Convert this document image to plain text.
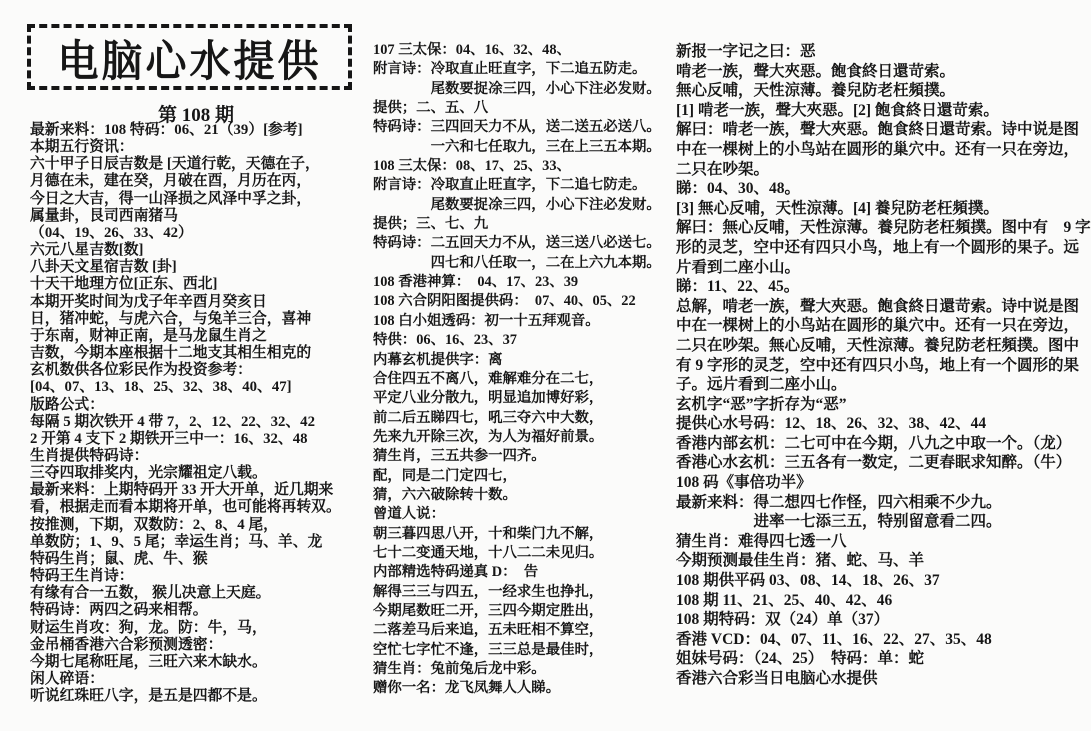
电脑心水提供
第 108 期
最新来料：108 特码：06、21（39）[参考]
本期五行资讯：
六十甲子日辰吉数是 [天道行乾，天德在子，
月德在未，建在癸，月破在酉，月历在丙，
今日之大吉，得一山泽损之风泽中孚之卦，
属量卦，艮司西南猪马
（04、19、26、33、42）
六元八星吉数[数]
八卦天文星宿吉数 [卦]
十天干地理方位[正东、西北]
本期开奖时间为戊子年辛酉月癸亥日
日，猪冲蛇，与虎六合，与兔羊三合，喜神
于东南，财神正南，是马龙鼠生肖之
吉数，今期本座根据十二地支其相生相克的
玄机数供各位彩民作为投资参考：
[04、07、13、18、25、32、38、40、47]
版路公式：
每隔 5 期次铁开 4 带 7，2、12、22、32、42
2 开第 4 支下 2 期铁开三中一：16、32、48
生肖提供特码诗：
三夺四取排奖内，光宗耀祖定八载。
最新来料：上期特码开 33 开大开单，近几期来
看，根据走而看本期将开单，也可能将再转双。
按推测，下期，双数防：2、8、4 尾，
单数防；1、9、5 尾；幸运生肖；马、羊、龙
特码生肖；鼠、虎、牛、猴
特码王生肖诗：
有缘有合一五数， 猴儿决意上天庭。
特码诗：两四之码来相帮。
财运生肖攻：狗，龙。防：牛，马，
金吊桶香港六合彩预测透密：
今期七尾称旺尾，三旺六来木缺水。
闲人碎语：
听说红珠旺八字，是五是四都不是。
107 三太保：04、16、32、48、
附言诗：冷取直止旺直字，下二追五防走。
　　　　尾数要捉凃三四，小心下注必发财。
提供；二、五、八
特码诗：三四回天力不从，送二送五必送八。
　　　　一六和七任取九，三在上三五本期。
108 三太保：08、17、25、33、
附言诗：冷取直止旺直字，下二追七防走。
　　　　尾数要捉凃三四，小心下注必发财。
提供；三、七、九
特码诗：二五回天力不从，送三送八必送七。
　　　　四七和八任取一，二在上六九本期。
108 香港神算：　04、17、23、39
108 六合阴阳图提供码：　07、40、05、22
108 白小姐透码：初一十五拜观音。
特供：06、16、23、37
内幕玄机提供字：离
合住四五不离八，难解难分在二七，
平定八业分散九，明显追加博好彩，
前二后五睇四七，吼三夺六中大数，
先来九开除三次，为人为福好前景。
猜生肖，三五共参一四齐。
配，同是二门定四七，
猜，六六破除转十数。
曾道人说：
朝三暮四思八开，十和柴门九不解，
七十二变通天地，十八二二未见归。
内部精选特码递真 D：　告
解得三三与四五，一经求生也挣扎，
今期尾数旺二开，三四今期定胜出，
二落差马后来追，五未旺相不算空，
空忙七字忙不逢，三三总是最佳时，
猜生肖：兔前兔后龙中彩。
赠你一名：龙飞凤舞人人睇。
新报一字记之曰：恶
啃老一族，聲大夾惡。飽食終日還苛索。
無心反哺，天性涼薄。養兒防老枉頻撲。
[1] 啃老一族，聲大夾惡。[2] 飽食終日還苛索。
解曰：啃老一族，聲大夾惡。飽食終日還苛索。诗中说是图
中在一棵树上的小鸟站在圆形的巢穴中。还有一只在旁边，
二只在吵架。
睇：04、30、48。
[3] 無心反哺，天性涼薄。[4] 養兒防老枉頻撲。
解曰：無心反哺，天性涼薄。養兒防老枉頻撲。图中有　9 字
形的灵芝，空中还有四只小鸟，地上有一个圆形的果子。远
片看到二座小山。
睇：11、22、45。
总解，啃老一族，聲大夾惡。飽食終日還苛索。诗中说是图
中在一棵树上的小鸟站在圆形的巢穴中。还有一只在旁边，
二只在吵架。無心反哺，天性涼薄。養兒防老枉頻撲。图中
有 9 字形的灵芝，空中还有四只小鸟，地上有一个圆形的果
子。远片看到二座小山。
玄机字“恶”字折存为“恶”
提供心水号码：12、18、26、32、38、42、44
香港内部玄机：二七可中在今期，八九之中取一个。（龙）
香港心水玄机：三五各有一数定，二更春眠求知醉。（牛）
108 码《事倍功半》
最新来料：得二想四七作怪，四六相乘不少九。
　　　　　进率一七添三五，特别留意看二四。
猜生肖：难得四七透一八
今期预测最佳生肖：猪、蛇、马、羊
108 期供平码 03、08、14、18、26、37
108 期 11、21、25、40、42、46
108 期特码：双（24）单（37）
香港 VCD：04、07、11、16、22、27、35、48
姐妹号码：（24、25）　特码：单：蛇
香港六合彩当日电脑心水提供
